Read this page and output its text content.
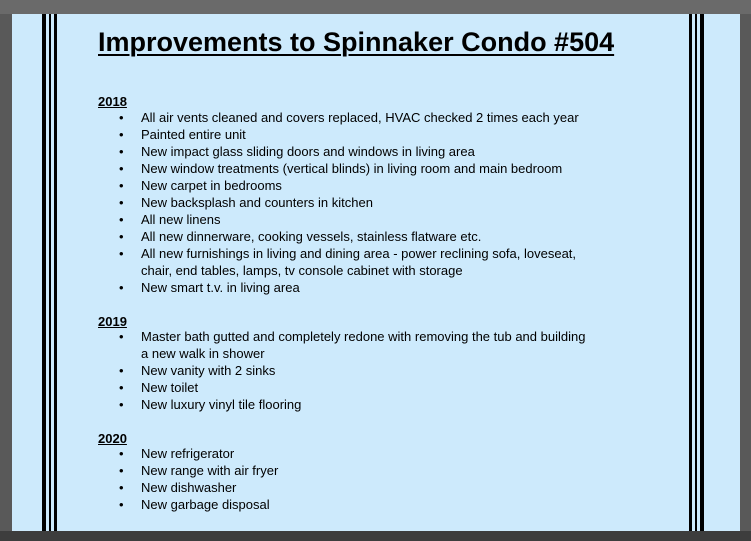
Improvements to Spinnaker Condo #504
2018
• All air vents cleaned and covers replaced, HVAC checked 2 times each year
• Painted entire unit
• New impact glass sliding doors and windows in living area
• New window treatments (vertical blinds) in living room and main bedroom
• New carpet in bedrooms
• New backsplash and counters in kitchen
• All new linens
• All new dinnerware, cooking vessels, stainless flatware etc.
• All new furnishings in living and dining area - power reclining sofa, loveseat, chair, end tables, lamps, tv console cabinet with storage
• New smart t.v. in living area
2019
• Master bath gutted and completely redone with removing the tub and building a new walk in shower
• New vanity with 2 sinks
• New toilet
• New luxury vinyl tile flooring
2020
• New refrigerator
• New range with air fryer
• New dishwasher
• New garbage disposal
